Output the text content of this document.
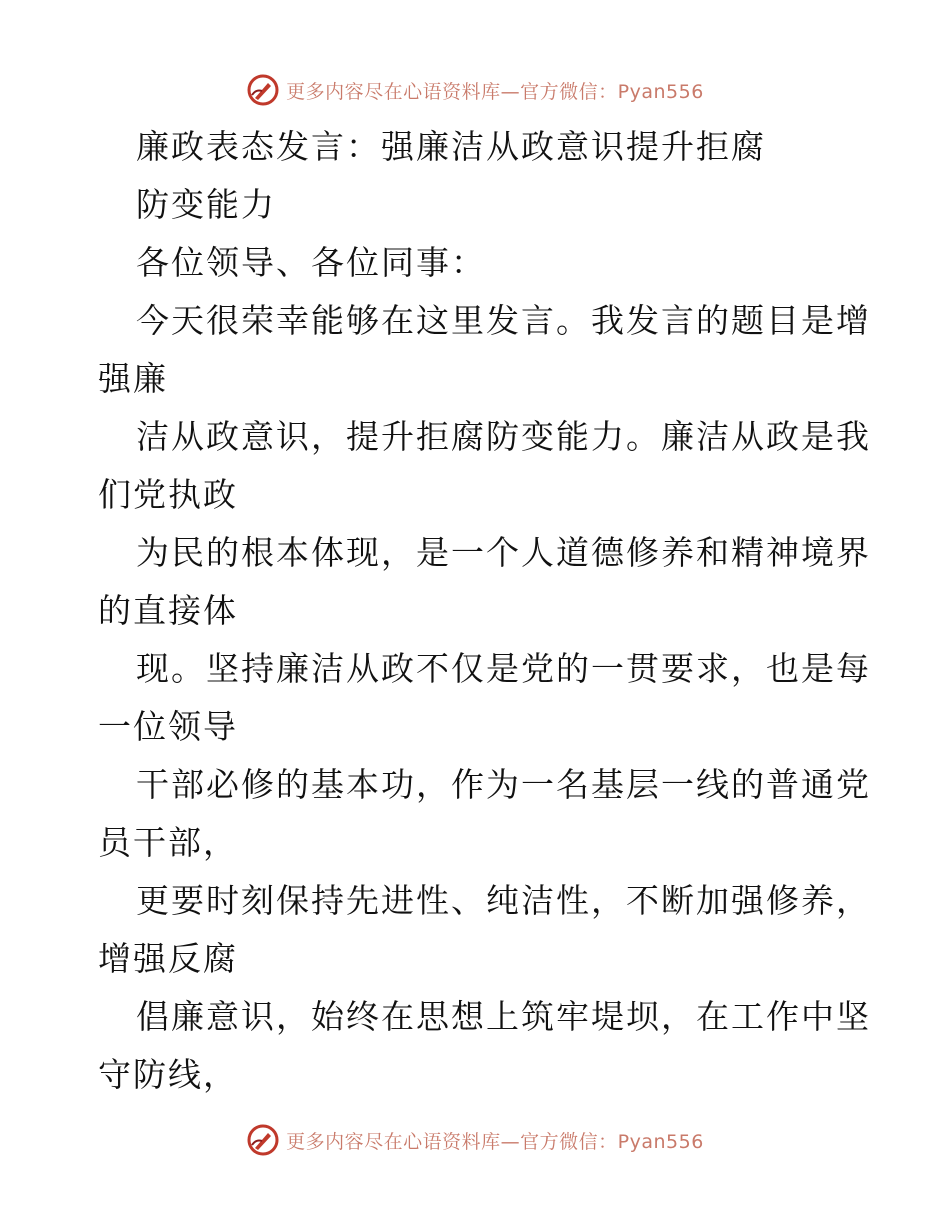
更多内容尽在心语资料库—官方微信：Pyan556
廉政表态发言：强廉洁从政意识提升拒腐
防变能力
各位领导、各位同事：
今天很荣幸能够在这里发言。我发言的题目是增
强廉
洁从政意识，提升拒腐防变能力。廉洁从政是我
们党执政
为民的根本体现，是一个人道德修养和精神境界
的直接体
现。坚持廉洁从政不仅是党的一贯要求，也是每
一位领导
干部必修的基本功，作为一名基层一线的普通党
员干部，
更要时刻保持先进性、纯洁性，不断加强修养，
增强反腐
倡廉意识，始终在思想上筑牢堤坝，在工作中坚
守防线，
更多内容尽在心语资料库—官方微信：Pyan556
